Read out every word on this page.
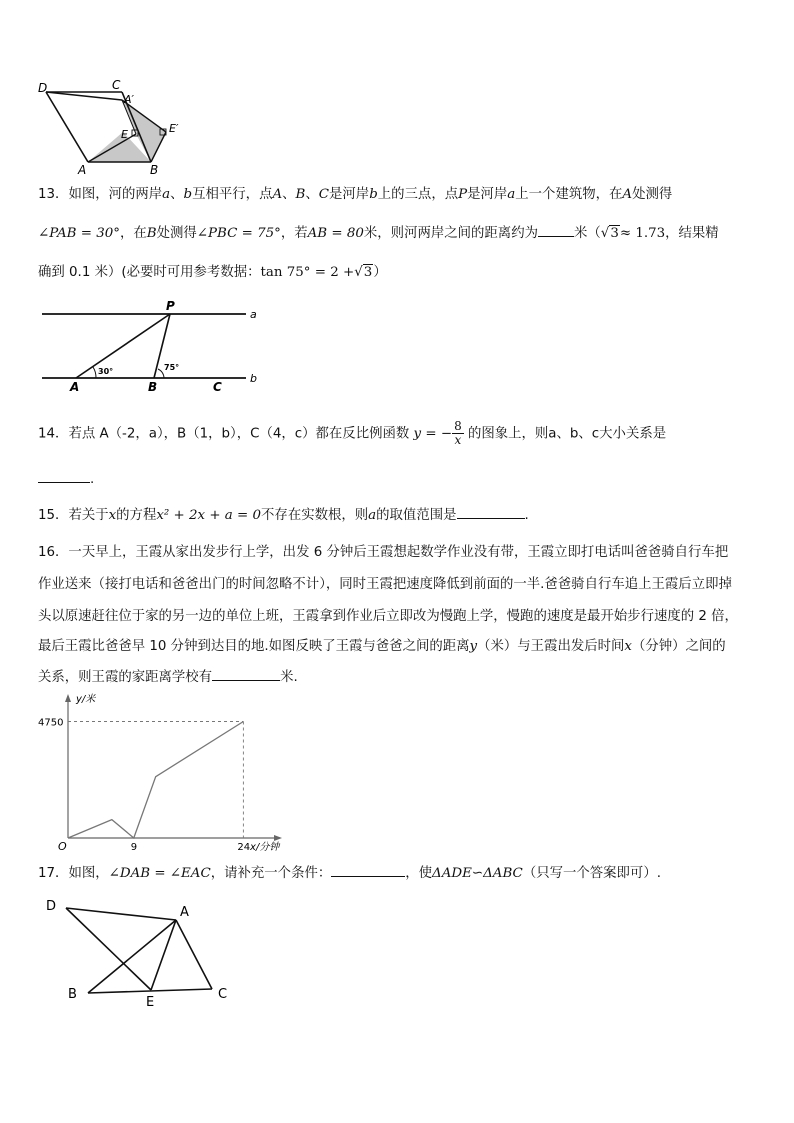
D	C
A′
E	E′
A	B
13．如图，河的两岸a、b互相平行，点A、B、C是河岸b上的三点，点P是河岸a上一个建筑物，在A处测得
∠PAB = 30°，在B处测得∠PBC = 75°，若AB = 80米，则河两岸之间的距离约为	米（√3≈ 1.73，结果精
确到 0.1 米）(必要时可用参考数据：tan 75° = 2 +√3）
P
a
A	B	C
b
30°	75°
14．若点 A（-2，a），B（1，b），C（4，c）都在反比例函数 y = − $\frac{8}{x}$ 的图象上，则a、b、c大小关系是
.
15．若关于x的方程x² + 2x + a = 0不存在实数根，则a的取值范围是	.
16．一天早上，王霞从家出发步行上学，出发 6 分钟后王霞想起数学作业没有带，王霞立即打电话叫爸爸骑自行车把
作业送来（接打电话和爸爸出门的时间忽略不计），同时王霞把速度降低到前面的一半.爸爸骑自行车追上王霞后立即掉
头以原速赶往位于家的另一边的单位上班，王霞拿到作业后立即改为慢跑上学，慢跑的速度是最开始步行速度的 2 倍，
最后王霞比爸爸早 10 分钟到达目的地.如图反映了王霞与爸爸之间的距离y（米）与王霞出发后时间x（分钟）之间的
关系，则王霞的家距离学校有	米.
y/米
x/分钟
O
4750
9	24
17．如图，∠DAB = ∠EAC，请补充一个条件：	，使ΔADE∽ΔABC（只写一个答案即可）.
D	A
B
E
C
